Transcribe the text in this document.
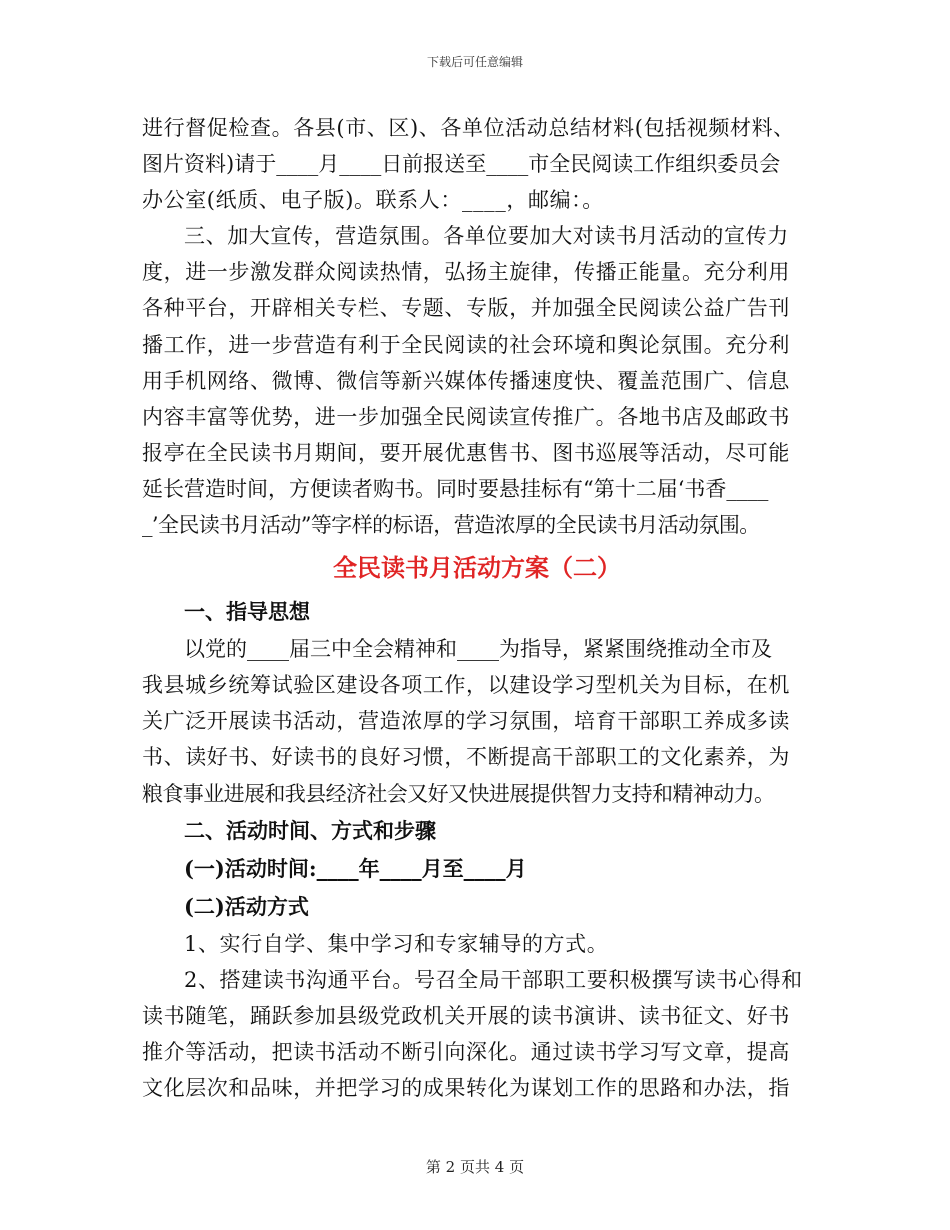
下载后可任意编辑
进行督促检查。各县(市、区)、各单位活动总结材料(包括视频材料、
图片资料)请于____月____日前报送至____市全民阅读工作组织委员会
办公室(纸质、电子版)。联系人：____，邮编：。
三、加大宣传，营造氛围。各单位要加大对读书月活动的宣传力
度，进一步激发群众阅读热情，弘扬主旋律，传播正能量。充分利用
各种平台，开辟相关专栏、专题、专版，并加强全民阅读公益广告刊
播工作，进一步营造有利于全民阅读的社会环境和舆论氛围。充分利
用手机网络、微博、微信等新兴媒体传播速度快、覆盖范围广、信息
内容丰富等优势，进一步加强全民阅读宣传推广。各地书店及邮政书
报亭在全民读书月期间，要开展优惠售书、图书巡展等活动，尽可能
延长营造时间，方便读者购书。同时要悬挂标有“第十二届‘书香____
_’全民读书月活动”等字样的标语，营造浓厚的全民读书月活动氛围。
全民读书月活动方案（二）
一、指导思想
以党的____届三中全会精神和____为指导，紧紧围绕推动全市及
我县城乡统筹试验区建设各项工作，以建设学习型机关为目标，在机
关广泛开展读书活动，营造浓厚的学习氛围，培育干部职工养成多读
书、读好书、好读书的良好习惯，不断提高干部职工的文化素养，为
粮食事业进展和我县经济社会又好又快进展提供智力支持和精神动力。
二、活动时间、方式和步骤
(一)活动时间:____年____月至____月
(二)活动方式
1、实行自学、集中学习和专家辅导的方式。
2、搭建读书沟通平台。号召全局干部职工要积极撰写读书心得和
读书随笔，踊跃参加县级党政机关开展的读书演讲、读书征文、好书
推介等活动，把读书活动不断引向深化。通过读书学习写文章，提高
文化层次和品味，并把学习的成果转化为谋划工作的思路和办法，指
第 2 页共 4 页
